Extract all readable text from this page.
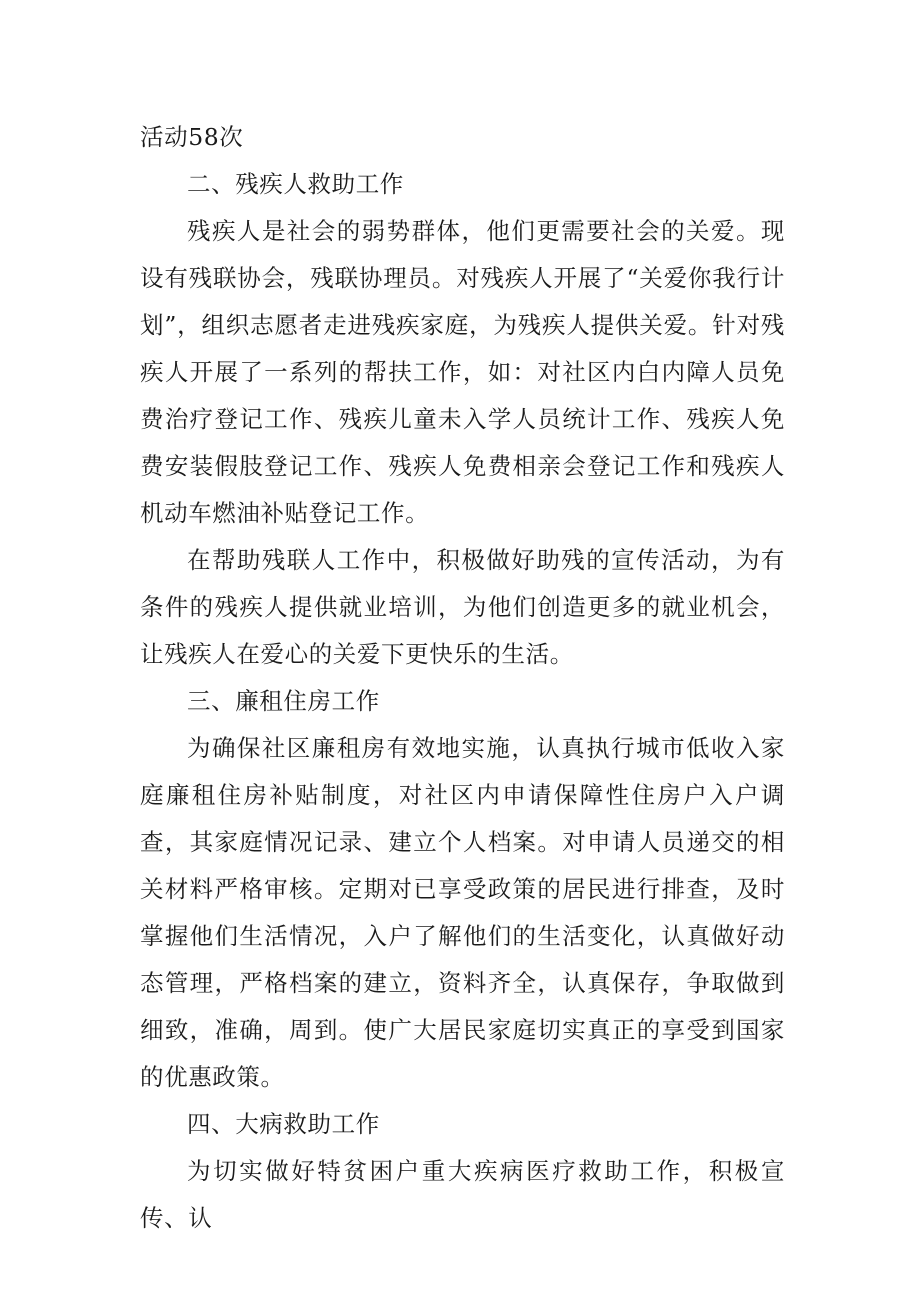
活动58次

二、残疾人救助工作

残疾人是社会的弱势群体，他们更需要社会的关爱。现设有残联协会，残联协理员。对残疾人开展了“关爱你我行计划”，组织志愿者走进残疾家庭，为残疾人提供关爱。针对残疾人开展了一系列的帮扶工作，如：对社区内白内障人员免费治疗登记工作、残疾儿童未入学人员统计工作、残疾人免费安装假肢登记工作、残疾人免费相亲会登记工作和残疾人机动车燃油补贴登记工作。

在帮助残联人工作中，积极做好助残的宣传活动，为有条件的残疾人提供就业培训，为他们创造更多的就业机会，让残疾人在爱心的关爱下更快乐的生活。

三、廉租住房工作

为确保社区廉租房有效地实施，认真执行城市低收入家庭廉租住房补贴制度，对社区内申请保障性住房户入户调查，其家庭情况记录、建立个人档案。对申请人员递交的相关材料严格审核。定期对已享受政策的居民进行排查，及时掌握他们生活情况，入户了解他们的生活变化，认真做好动态管理，严格档案的建立，资料齐全，认真保存，争取做到细致，准确，周到。使广大居民家庭切实真正的享受到国家的优惠政策。

四、大病救助工作

为切实做好特贫困户重大疾病医疗救助工作，积极宣传、认
